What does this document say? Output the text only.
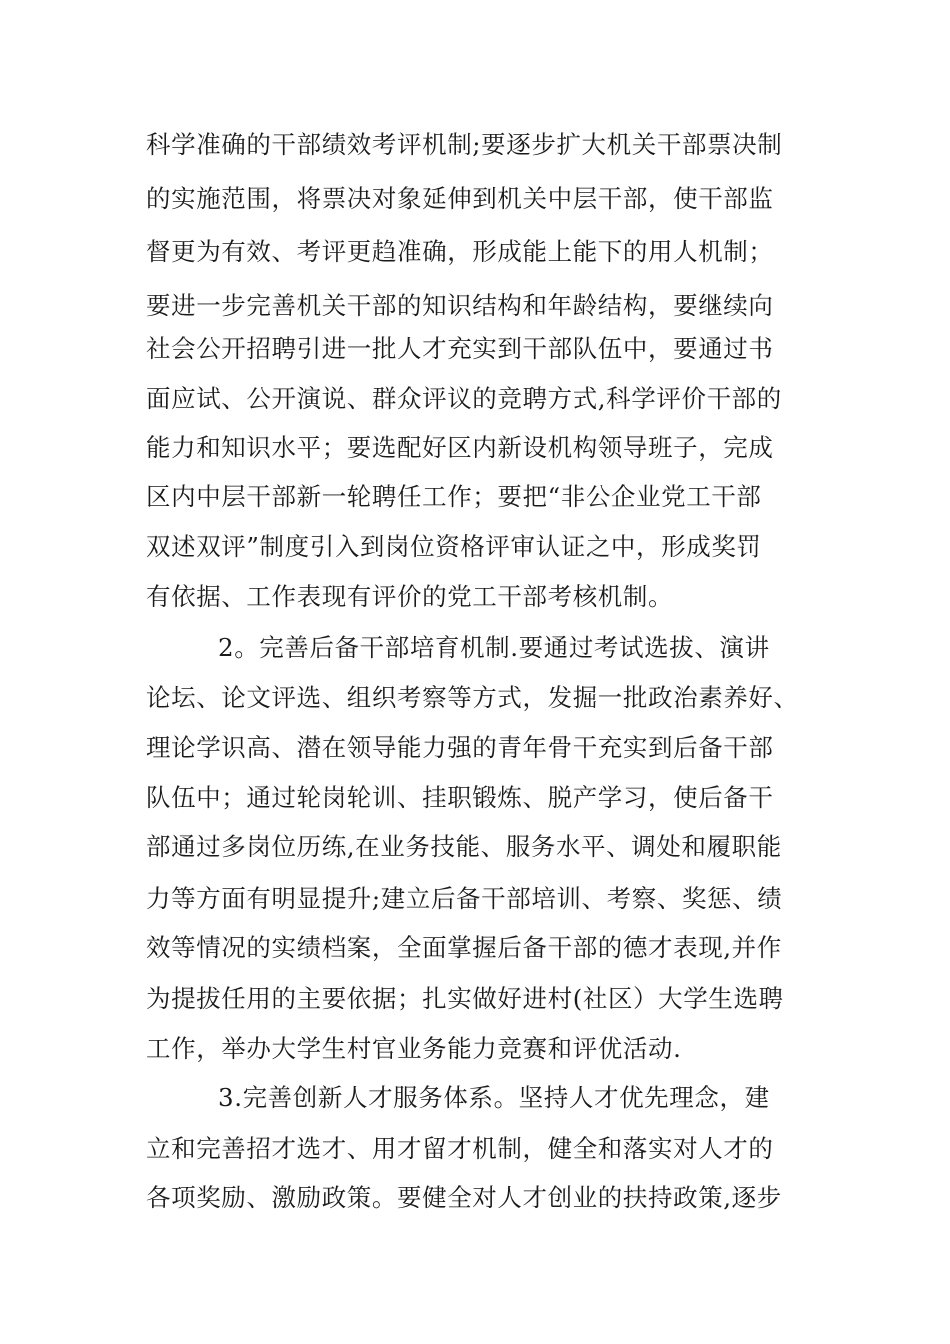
科学准确的干部绩效考评机制;要逐步扩大机关干部票决制
的实施范围，将票决对象延伸到机关中层干部，使干部监
督更为有效、考评更趋准确，形成能上能下的用人机制；
要进一步完善机关干部的知识结构和年龄结构，要继续向
社会公开招聘引进一批人才充实到干部队伍中，要通过书
面应试、公开演说、群众评议的竞聘方式,科学评价干部的
能力和知识水平；要选配好区内新设机构领导班子，完成
区内中层干部新一轮聘任工作；要把“非公企业党工干部
双述双评”制度引入到岗位资格评审认证之中，形成奖罚
有依据、工作表现有评价的党工干部考核机制。
2。完善后备干部培育机制.要通过考试选拔、演讲
论坛、论文评选、组织考察等方式，发掘一批政治素养好、
理论学识高、潜在领导能力强的青年骨干充实到后备干部
队伍中；通过轮岗轮训、挂职锻炼、脱产学习，使后备干
部通过多岗位历练,在业务技能、服务水平、调处和履职能
力等方面有明显提升;建立后备干部培训、考察、奖惩、绩
效等情况的实绩档案，全面掌握后备干部的德才表现,并作
为提拔任用的主要依据；扎实做好进村(社区）大学生选聘
工作，举办大学生村官业务能力竞赛和评优活动.
3.完善创新人才服务体系。坚持人才优先理念，建
立和完善招才选才、用才留才机制，健全和落实对人才的
各项奖励、激励政策。要健全对人才创业的扶持政策,逐步
